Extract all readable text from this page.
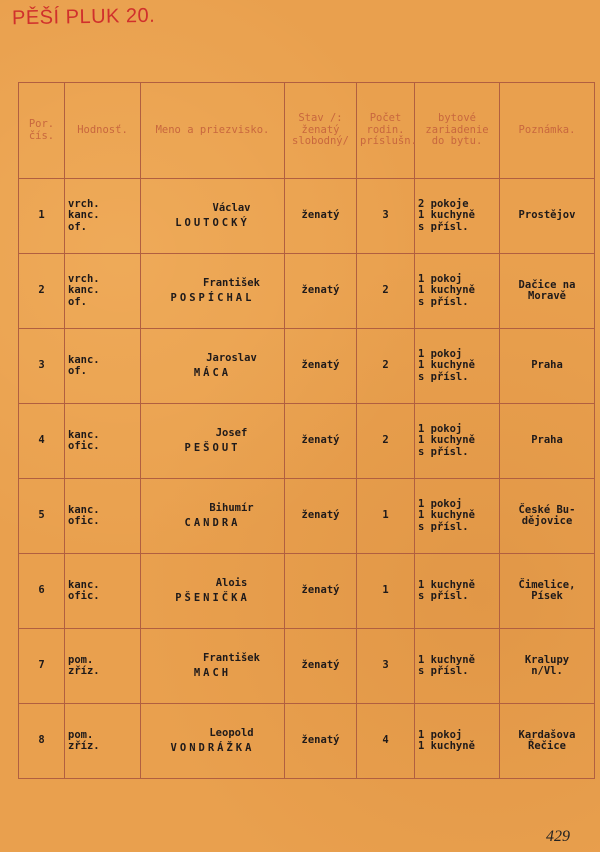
PĚŠÍ PLUK 20.
Por. čís.	Hodnosť.	Meno a priezvisko.	Stav /: ženatý slobodný/	Počet rodin. príslušn.	bytové zariadenie do bytu.	Poznámka.
1	vrch.
kanc.
of.	Václav
LOUTOCKÝ	ženatý	3	2 pokoje
1 kuchyně
s přísl.	Prostějov
2	vrch.
kanc.
of.	František
POSPÍCHAL	ženatý	2	1 pokoj
1 kuchyně
s přísl.	Dačice na
Moravě
3	kanc.
of.	Jaroslav
MÁCA	ženatý	2	1 pokoj
1 kuchyně
s přísl.	Praha
4	kanc.
ofic.	Josef
PEŠOUT	ženatý	2	1 pokoj
1 kuchyně
s přísl.	Praha
5	kanc.
ofic.	Bihumír
CANDRA	ženatý	1	1 pokoj
1 kuchyně
s přísl.	České Bu-
dějovice
6	kanc.
ofic.	Alois
PŠENIČKA	ženatý	1	1 kuchyně
s přísl.	Čimelice,
Písek
7	pom.
zříz.	František
MACH	ženatý	3	1 kuchyně
s přísl.	Kralupy
n/Vl.
8	pom.
zříz.	Leopold
VONDRÁŽKA	ženatý	4	1 pokoj
1 kuchyně	Kardašova
Řečice
429
